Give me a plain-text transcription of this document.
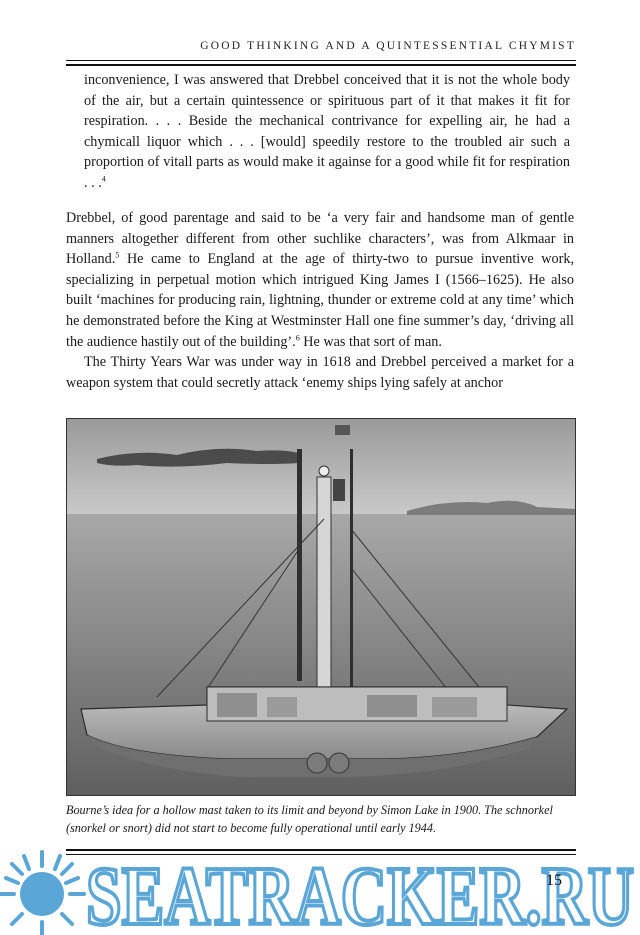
GOOD THINKING AND A QUINTESSENTIAL CHYMIST

inconvenience, I was answered that Drebbel conceived that it is not the whole body of the air, but a certain quintessence or spirituous part of it that makes it fit for respiration. . . . Beside the mechanical contrivance for expelling air, he had a chymicall liquor which . . . [would] speedily restore to the troubled air such a proportion of vitall parts as would make it againse for a good while fit for respiration . . .$^4$

Drebbel, of good parentage and said to be ‘a very fair and handsome man of gentle manners altogether different from other suchlike characters’, was from Alkmaar in Holland.$^5$ He came to England at the age of thirty-two to pursue inventive work, specializing in perpetual motion which intrigued King James I (1566–1625). He also built ‘machines for producing rain, lightning, thunder or extreme cold at any time’ which he demonstrated before the King at Westminster Hall one fine summer’s day, ‘driving all the audience hastily out of the building’.$^6$ He was that sort of man.

The Thirty Years War was under way in 1618 and Drebbel perceived a market for a weapon system that could secretly attack ‘enemy ships lying safely at anchor

Bourne’s idea for a hollow mast taken to its limit and beyond by Simon Lake in 1900. The schnorkel (snorkel or snort) did not start to become fully operational until early 1944.

SEATRACKER.RU
15
